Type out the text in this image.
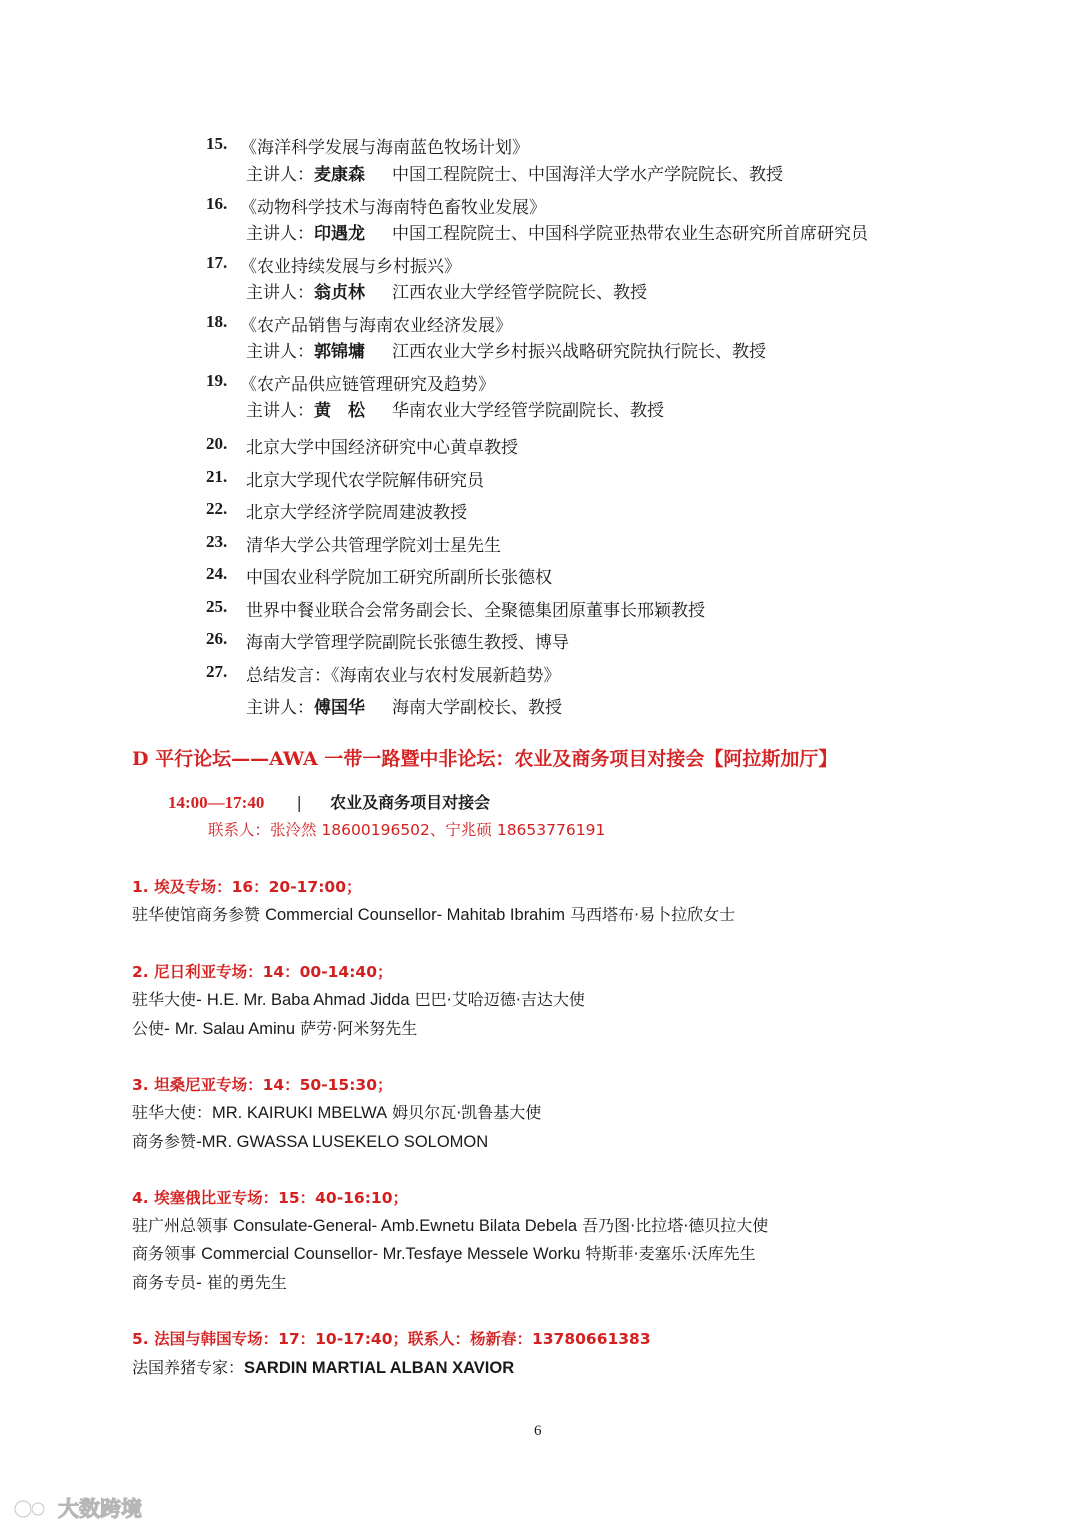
15. 《海洋科学发展与海南蓝色牧场计划》
主讲人：麦康森 中国工程院院士、中国海洋大学水产学院院长、教授
16. 《动物科学技术与海南特色畜牧业发展》
主讲人：印遇龙 中国工程院院士、中国科学院亚热带农业生态研究所首席研究员
17. 《农业持续发展与乡村振兴》
主讲人：翁贞林 江西农业大学经管学院院长、教授
18. 《农产品销售与海南农业经济发展》
主讲人：郭锦墉 江西农业大学乡村振兴战略研究院执行院长、教授
19. 《农产品供应链管理研究及趋势》
主讲人：黄　松 华南农业大学经管学院副院长、教授
20. 北京大学中国经济研究中心黄卓教授
21. 北京大学现代农学院解伟研究员
22. 北京大学经济学院周建波教授
23. 清华大学公共管理学院刘士星先生
24. 中国农业科学院加工研究所副所长张德权
25. 世界中餐业联合会常务副会长、全聚德集团原董事长邢颖教授
26. 海南大学管理学院副院长张德生教授、博导
27. 总结发言：《海南农业与农村发展新趋势》
主讲人：傅国华 海南大学副校长、教授
D 平行论坛——AWA 一带一路暨中非论坛：农业及商务项目对接会【阿拉斯加厅】
14:00—17:40 | 农业及商务项目对接会
联系人：张泠然 18600196502、宁兆硕 18653776191
1. 埃及专场：16：20-17:00；
驻华使馆商务参赞 Commercial Counsellor- Mahitab Ibrahim 马西塔布·易卜拉欣女士
2. 尼日利亚专场：14：00-14:40；
驻华大使- H.E. Mr. Baba Ahmad Jidda 巴巴·艾哈迈德·吉达大使
公使- Mr. Salau Aminu 萨劳·阿米努先生
3. 坦桑尼亚专场：14：50-15:30；
驻华大使：MR. KAIRUKI MBELWA 姆贝尔瓦·凯鲁基大使
商务参赞-MR. GWASSA LUSEKELO SOLOMON
4. 埃塞俄比亚专场：15：40-16:10；
驻广州总领事 Consulate-General- Amb.Ewnetu Bilata Debela 吾乃图·比拉塔·德贝拉大使
商务领事 Commercial Counsellor- Mr.Tesfaye Messele Worku 特斯菲·麦塞乐·沃库先生
商务专员- 崔的勇先生
5. 法国与韩国专场：17：10-17:40；联系人：杨新春：13780661383
法国养猪专家：SARDIN MARTIAL ALBAN XAVIOR
6
大数跨境
